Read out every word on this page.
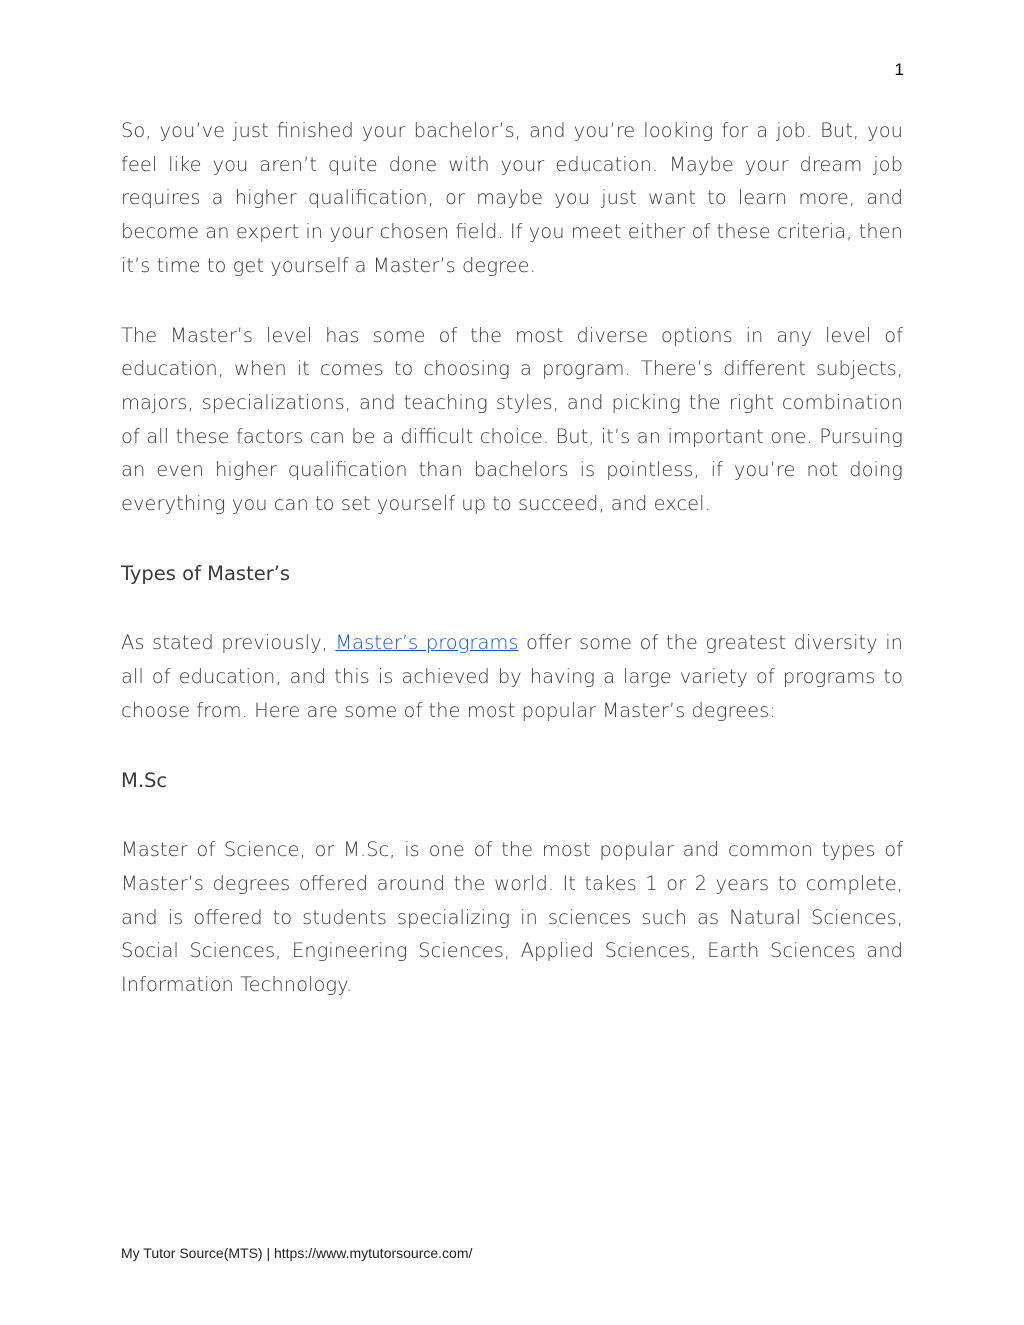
1

So, you’ve just finished your bachelor’s, and you’re looking for a job. But, you feel like you aren’t quite done with your education. Maybe your dream job requires a higher qualification, or maybe you just want to learn more, and become an expert in your chosen field. If you meet either of these criteria, then it’s time to get yourself a Master’s degree.

The Master’s level has some of the most diverse options in any level of education, when it comes to choosing a program. There’s different subjects, majors, specializations, and teaching styles, and picking the right combination of all these factors can be a difficult choice. But, it’s an important one. Pursuing an even higher qualification than bachelors is pointless, if you’re not doing everything you can to set yourself up to succeed, and excel.

Types of Master’s

As stated previously, Master’s programs offer some of the greatest diversity in all of education, and this is achieved by having a large variety of programs to choose from. Here are some of the most popular Master’s degrees:

M.Sc

Master of Science, or M.Sc, is one of the most popular and common types of Master’s degrees offered around the world. It takes 1 or 2 years to complete, and is offered to students specializing in sciences such as Natural Sciences, Social Sciences, Engineering Sciences, Applied Sciences, Earth Sciences and Information Technology.

My Tutor Source(MTS) | https://www.mytutorsource.com/
